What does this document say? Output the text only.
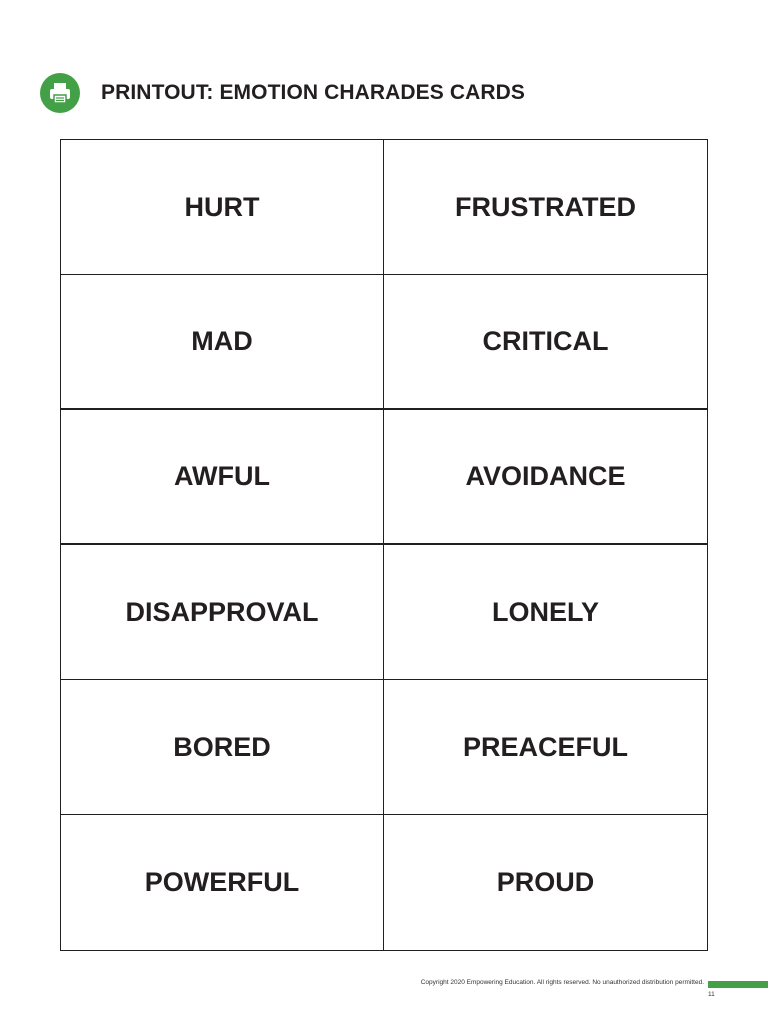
PRINTOUT: EMOTION CHARADES CARDS
HURT	FRUSTRATED
MAD	CRITICAL
AWFUL	AVOIDANCE
DISAPPROVAL	LONELY
BORED	PREACEFUL
POWERFUL	PROUD
Copyright 2020 Empowering Education. All rights reserved. No unauthorized distribution permitted.
11
